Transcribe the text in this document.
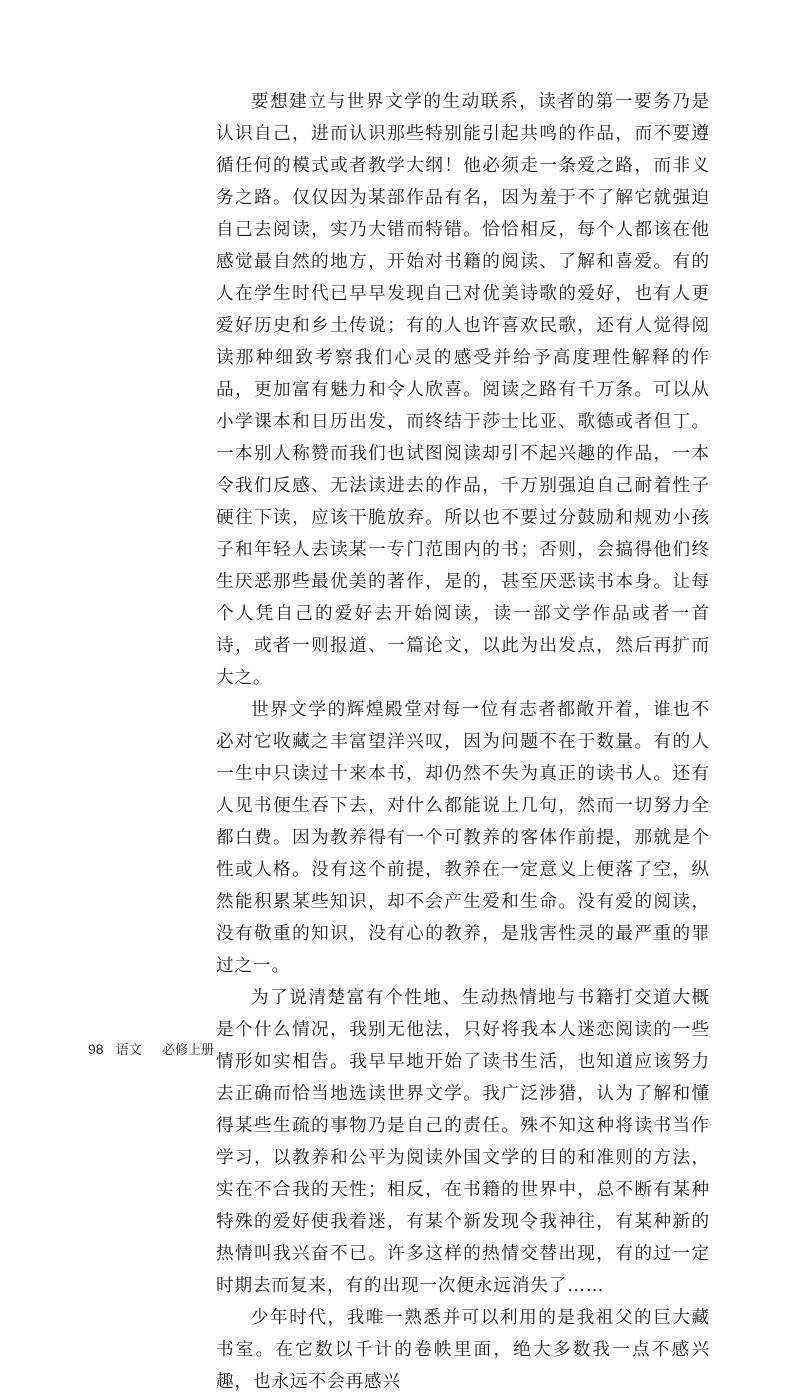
要想建立与世界文学的生动联系，读者的第一要务乃是认识自己，进而认识那些特别能引起共鸣的作品，而不要遵循任何的模式或者教学大纲！他必须走一条爱之路，而非义务之路。仅仅因为某部作品有名，因为羞于不了解它就强迫自己去阅读，实乃大错而特错。恰恰相反，每个人都该在他感觉最自然的地方，开始对书籍的阅读、了解和喜爱。有的人在学生时代已早早发现自己对优美诗歌的爱好，也有人更爱好历史和乡土传说；有的人也许喜欢民歌，还有人觉得阅读那种细致考察我们心灵的感受并给予高度理性解释的作品，更加富有魅力和令人欣喜。阅读之路有千万条。可以从小学课本和日历出发，而终结于莎士比亚、歌德或者但丁。一本别人称赞而我们也试图阅读却引不起兴趣的作品，一本令我们反感、无法读进去的作品，千万别强迫自己耐着性子硬往下读，应该干脆放弃。所以也不要过分鼓励和规劝小孩子和年轻人去读某一专门范围内的书；否则，会搞得他们终生厌恶那些最优美的著作，是的，甚至厌恶读书本身。让每个人凭自己的爱好去开始阅读，读一部文学作品或者一首诗，或者一则报道、一篇论文，以此为出发点，然后再扩而大之。

世界文学的辉煌殿堂对每一位有志者都敞开着，谁也不必对它收藏之丰富望洋兴叹，因为问题不在于数量。有的人一生中只读过十来本书，却仍然不失为真正的读书人。还有人见书便生吞下去，对什么都能说上几句，然而一切努力全都白费。因为教养得有一个可教养的客体作前提，那就是个性或人格。没有这个前提，教养在一定意义上便落了空，纵然能积累某些知识，却不会产生爱和生命。没有爱的阅读，没有敬重的知识，没有心的教养，是戕害性灵的最严重的罪过之一。

为了说清楚富有个性地、生动热情地与书籍打交道大概是个什么情况，我别无他法，只好将我本人迷恋阅读的一些情形如实相告。我早早地开始了读书生活，也知道应该努力去正确而恰当地选读世界文学。我广泛涉猎，认为了解和懂得某些生疏的事物乃是自己的责任。殊不知这种将读书当作学习，以教养和公平为阅读外国文学的目的和准则的方法，实在不合我的天性；相反，在书籍的世界中，总不断有某种特殊的爱好使我着迷，有某个新发现令我神往，有某种新的热情叫我兴奋不已。许多这样的热情交替出现，有的过一定时期去而复来，有的出现一次便永远消失了……

少年时代，我唯一熟悉并可以利用的是我祖父的巨大藏书室。在它数以千计的卷帙里面，绝大多数我一点不感兴趣，也永远不会再感兴

98 语文 必修上册
